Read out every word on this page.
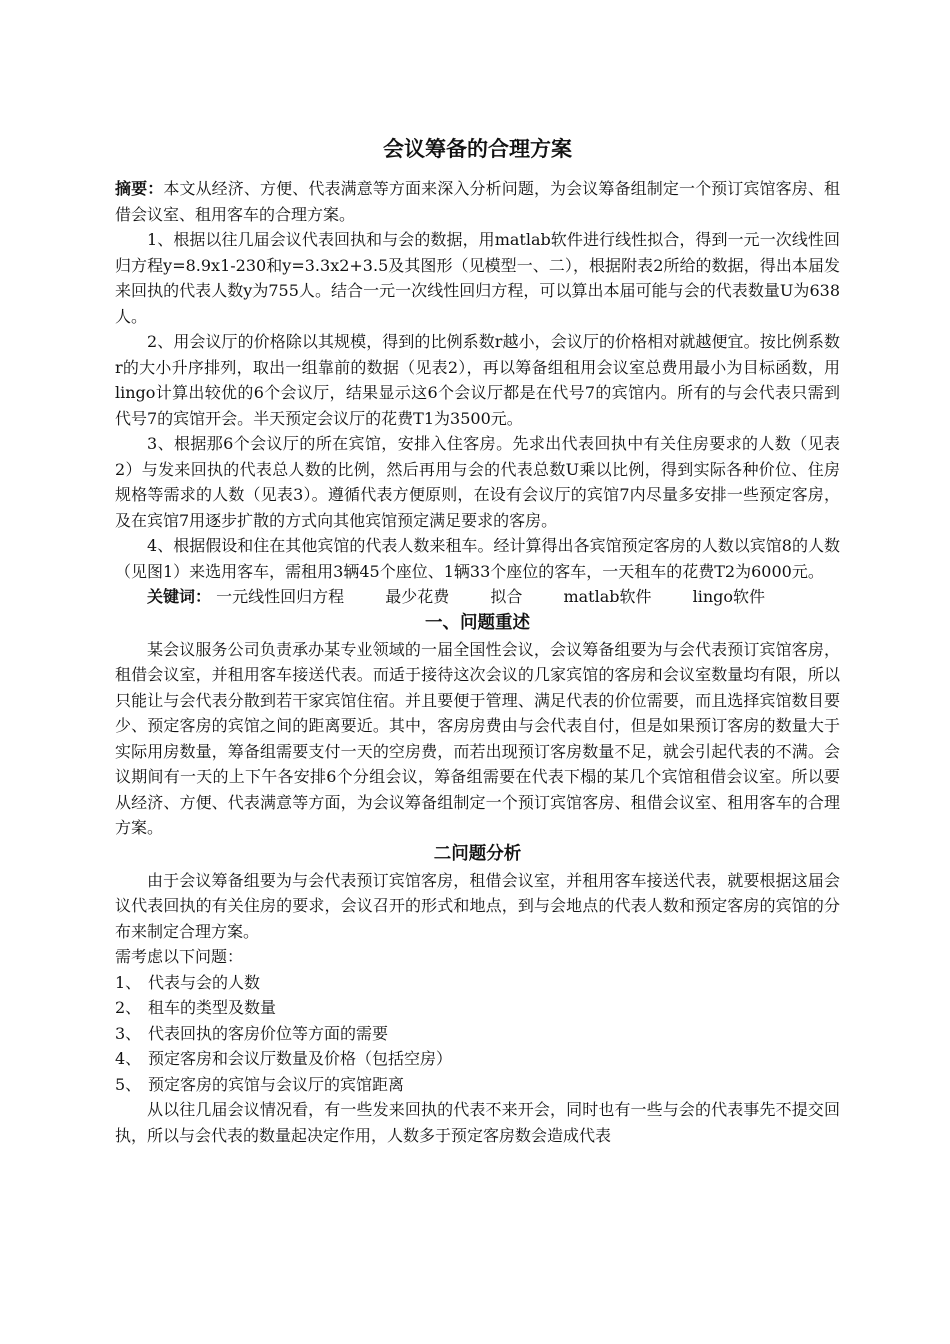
会议筹备的合理方案

摘要：本文从经济、方便、代表满意等方面来深入分析问题，为会议筹备组制定一个预订宾馆客房、租借会议室、租用客车的合理方案。

1、根据以往几届会议代表回执和与会的数据，用matlab软件进行线性拟合，得到一元一次线性回归方程y=8.9x1-230和y=3.3x2+3.5及其图形（见模型一、二），根据附表2所给的数据，得出本届发来回执的代表人数y为755人。结合一元一次线性回归方程，可以算出本届可能与会的代表数量U为638人。

2、用会议厅的价格除以其规模，得到的比例系数r越小，会议厅的价格相对就越便宜。按比例系数r的大小升序排列，取出一组靠前的数据（见表2），再以筹备组租用会议室总费用最小为目标函数，用lingo计算出较优的6个会议厅，结果显示这6个会议厅都是在代号7的宾馆内。所有的与会代表只需到代号7的宾馆开会。半天预定会议厅的花费T1为3500元。

3、根据那6个会议厅的所在宾馆，安排入住客房。先求出代表回执中有关住房要求的人数（见表2）与发来回执的代表总人数的比例，然后再用与会的代表总数U乘以比例，得到实际各种价位、住房规格等需求的人数（见表3）。遵循代表方便原则，在设有会议厅的宾馆7内尽量多安排一些预定客房，及在宾馆7用逐步扩散的方式向其他宾馆预定满足要求的客房。

4、根据假设和住在其他宾馆的代表人数来租车。经计算得出各宾馆预定客房的人数以宾馆8的人数（见图1）来选用客车，需租用3辆45个座位、1辆33个座位的客车，一天租车的花费T2为6000元。

关键词： 一元线性回归方程	最少花费	拟合	matlab软件	lingo软件

一、问题重述

某会议服务公司负责承办某专业领域的一届全国性会议，会议筹备组要为与会代表预订宾馆客房，租借会议室，并租用客车接送代表。而适于接待这次会议的几家宾馆的客房和会议室数量均有限，所以只能让与会代表分散到若干家宾馆住宿。并且要便于管理、满足代表的价位需要，而且选择宾馆数目要少、预定客房的宾馆之间的距离要近。其中，客房房费由与会代表自付，但是如果预订客房的数量大于实际用房数量，筹备组需要支付一天的空房费，而若出现预订客房数量不足，就会引起代表的不满。会议期间有一天的上下午各安排6个分组会议，筹备组需要在代表下榻的某几个宾馆租借会议室。所以要从经济、方便、代表满意等方面，为会议筹备组制定一个预订宾馆客房、租借会议室、租用客车的合理方案。

二问题分析

由于会议筹备组要为与会代表预订宾馆客房，租借会议室，并租用客车接送代表，就要根据这届会议代表回执的有关住房的要求，会议召开的形式和地点，到与会地点的代表人数和预定客房的宾馆的分布来制定合理方案。

需考虑以下问题：

1、 代表与会的人数

2、 租车的类型及数量

3、 代表回执的客房价位等方面的需要

4、 预定客房和会议厅数量及价格（包括空房）

5、 预定客房的宾馆与会议厅的宾馆距离

从以往几届会议情况看，有一些发来回执的代表不来开会，同时也有一些与会的代表事先不提交回执，所以与会代表的数量起决定作用，人数多于预定客房数会造成代表
